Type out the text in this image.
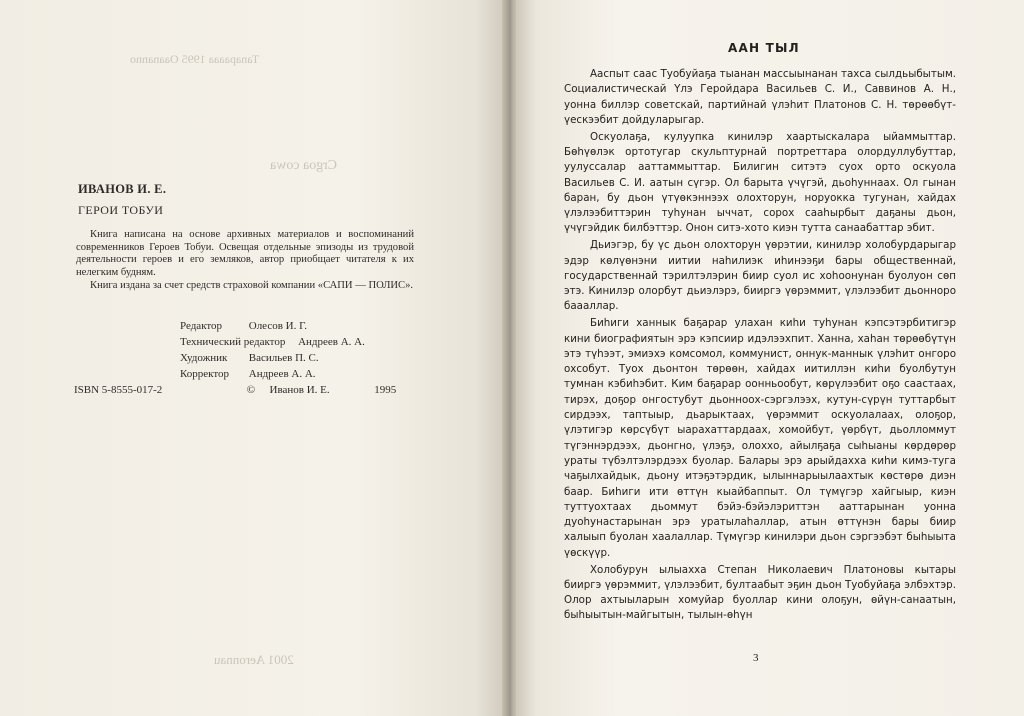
Tanapaaaa 1995 Oaananno
Crgoa cowa
2001 Aeronnau
ИВАНОВ И. Е.
ГЕРОИ ТОБУИ

Книга написана на основе архивных материалов и воспоминаний современников Героев Тобуи. Освещая отдельные эпизоды из трудовой деятельности героев и его земляков, автор приобщает читателя к их нелегким будням.

Книга издана за счет средств страховой компании «САПИ — ПОЛИС».

Редактор Олесов И. Г.
Технический редактор Андреев А. А.
Художник Васильев П. С.
Корректор Андреев А. А.
ISBN 5-8555-017-2	© Иванов И. Е.	1995
ААН ТЫЛ

Ааспыт саас Туобуйаҕа тыанан массыынанан тахса сылдьыбытым. Социалистическай Үлэ Геройдара Васильев С. И., Саввинов А. Н., уонна биллэр советскай, партийнай үлэһит Платонов С. Н. төрөөбүт-үескээбит дойдуларыгар.

Оскуолаҕа, кулуупка кинилэр хаартыскалара ыйаммыттар. Бөһүөлэк ортотугар скульптурнай портреттара олордуллубуттар, уулуссалар ааттаммыттар. Билигин ситэтэ суох орто оскуола Васильев С. И. аатын сүгэр. Ол барыта үчүгэй, дьоһуннаах. Ол гынан баран, бу дьон үтүөкэннээх олохторун, норуокка тугунан, хайдах үлэлээбиттэрин туһунан ыччат, сорох сааһырбыт даҕаны дьон, үчүгэйдик билбэттэр. Онон ситэ-хото киэн тутта санаабаттар эбит.

Дьиэгэр, бу үс дьон олохторун үөрэтии, кинилэр холобурдарыгар эдэр көлүөнэни иитии наһилиэк иһинээҕи бары общественнай, государственнай тэрилтэлэрин биир суол ис хоһоонунан буолуон сөп этэ. Кинилэр олорбут дьиэлэрэ, бииргэ үөрэммит, үлэлээбит дьонноро баааллар.

Биһиги ханнык баҕарар улахан киһи туһунан кэпсэтэрбитигэр кини биографиятын эрэ кэпсиир идэлээхпит. Ханна, хаһан төрөөбүтүн этэ түһээт, эмиэхэ комсомол, коммунист, оннук-маннык үлэһит онгоро охсобут. Туох дьонтон төрөөн, хайдах иитиллэн киһи буолбутун тумнан кэбиһэбит. Ким баҕарар оонньообут, көрүлээбит оҕо саастаах, тирэх, доҕор онгостубут дьонноох-сэргэлээх, кутун-сүрүн туттарбыт сирдээх, таптыыр, дьарыктаах, үөрэммит оскуолалаах, олоҕор, үлэтигэр көрсүбүт ыарахаттардаах, хомойбут, үөрбүт, дьолломмут түгэннэрдээх, дьонгно, үлэҕэ, олоххо, айылҕаҕа сыһыаны көрдөрөр ураты түбэлтэлэрдээх буолар. Балары эрэ арыйдахха киһи кимэ-туга чаҕылхайдык, дьону итэҕэтэрдик, ылыннарыылаахтык көстөрө диэн баар. Биһиги ити өттүн кыайбаппыт. Ол түмүгэр хайгыыр, киэн туттуохтаах дьоммут бэйэ-бэйэлэриттэн ааттарынан уонна дуоһунастарынан эрэ уратылаһаллар, атын өттүнэн бары биир халыып буолан хаалаллар. Түмүгэр кинилэри дьон сэргээбэт быһыыта үөскүүр.

Холобурун ылыахха Степан Николаевич Платоновы кытары бииргэ үөрэммит, үлэлээбит, бултаабыт эҕин дьон Туобуйаҕа элбэхтэр. Олор ахтыыларын хомуйар буоллар кини олоҕун, өйүн-санаатын, быһыытын-майгытын, тылын-өһүн

3
